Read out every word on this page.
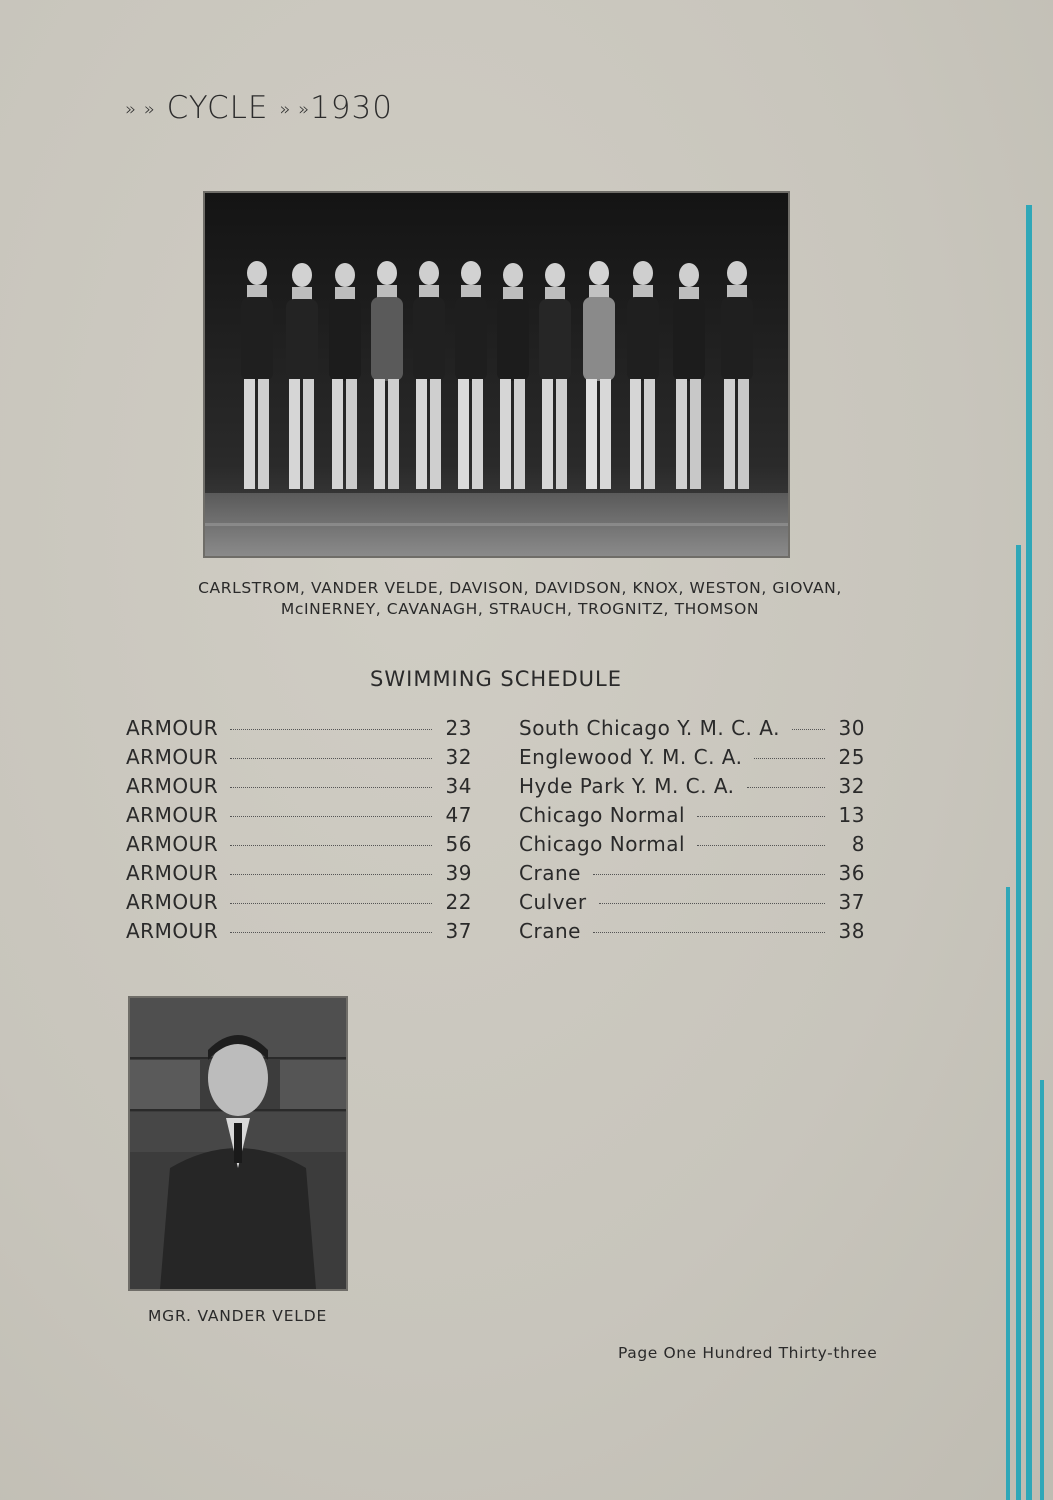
» » CYCLE » »1930
CARLSTROM, VANDER VELDE, DAVISON, DAVIDSON, KNOX, WESTON, GIOVAN,
McINERNEY, CAVANAGH, STRAUCH, TROGNITZ, THOMSON
SWIMMING SCHEDULE
ARMOUR	23
ARMOUR	32
ARMOUR	34
ARMOUR	47
ARMOUR	56
ARMOUR	39
ARMOUR	22
ARMOUR	37
South Chicago Y. M. C. A.	30
Englewood Y. M. C. A.	25
Hyde Park Y. M. C. A.	32
Chicago Normal	13
Chicago Normal	8
Crane	36
Culver	37
Crane	38
MGR. VANDER VELDE
Page One Hundred Thirty-three
